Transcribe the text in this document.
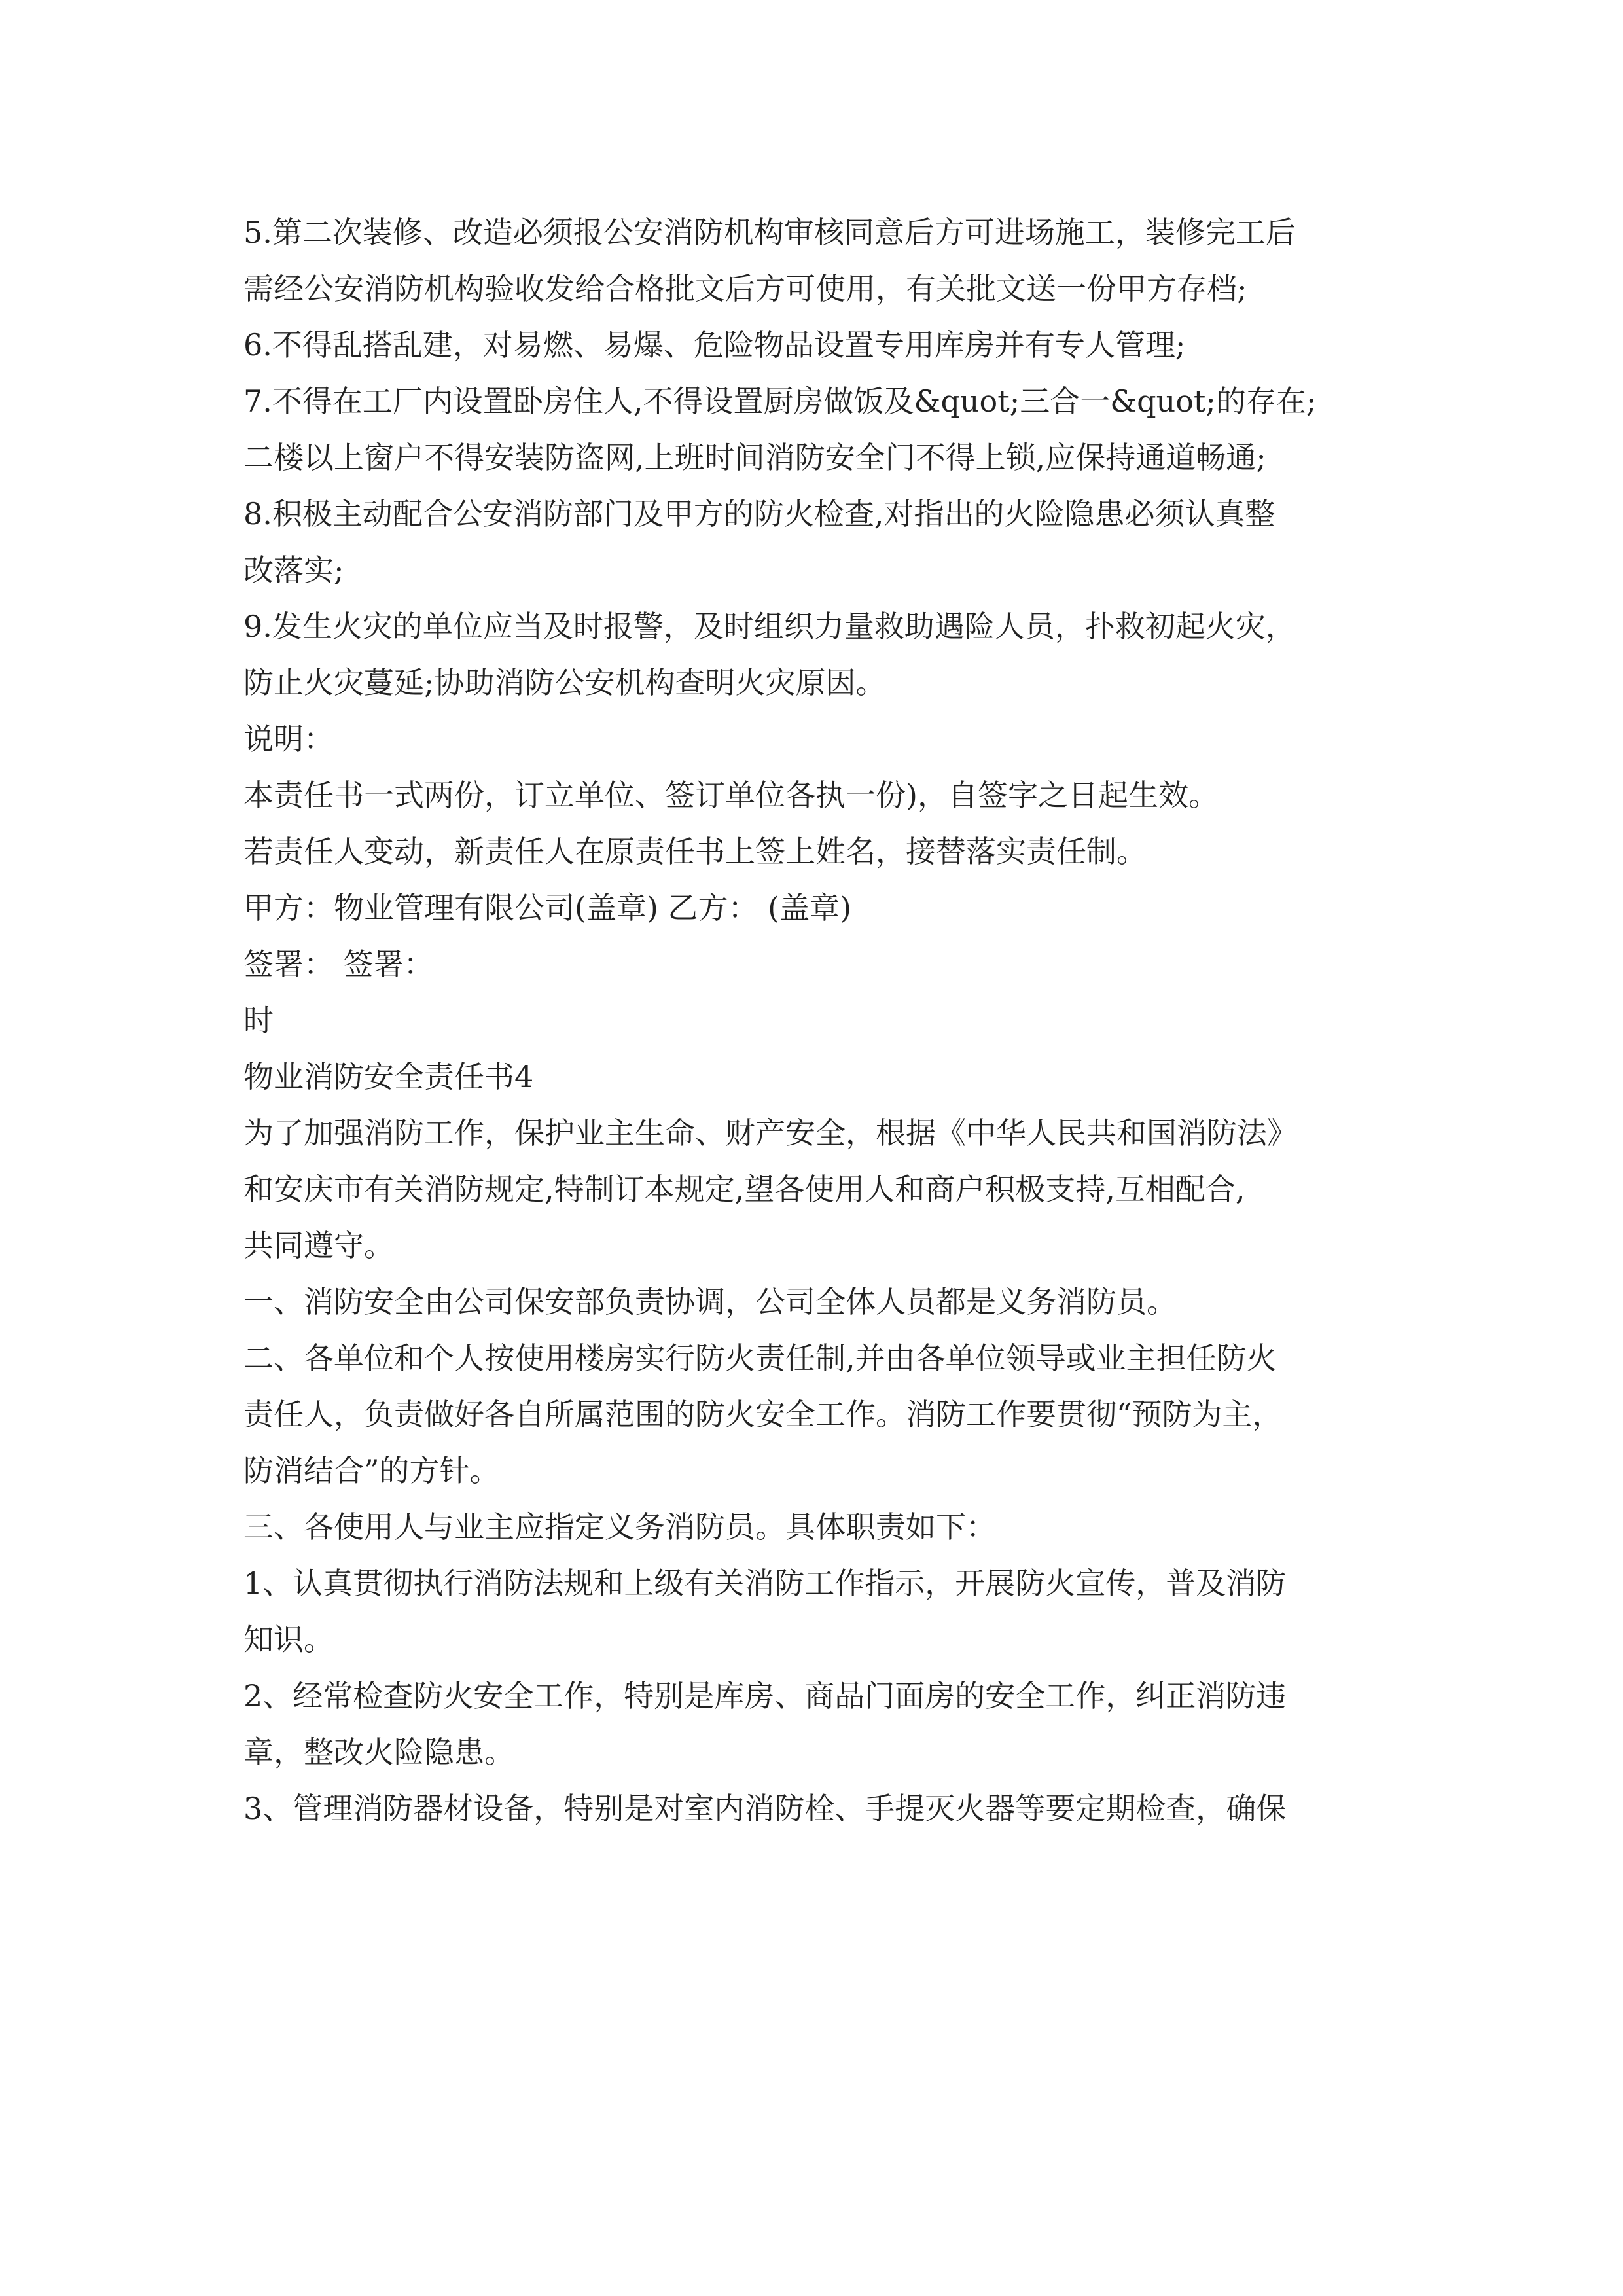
5.第二次装修、改造必须报公安消防机构审核同意后方可进场施工，装修完工后
需经公安消防机构验收发给合格批文后方可使用，有关批文送一份甲方存档;
6.不得乱搭乱建，对易燃、易爆、危险物品设置专用库房并有专人管理;
7.不得在工厂内设置卧房住人,不得设置厨房做饭及&quot;三合一&quot;的存在;
二楼以上窗户不得安装防盗网,上班时间消防安全门不得上锁,应保持通道畅通;
8.积极主动配合公安消防部门及甲方的防火检查,对指出的火险隐患必须认真整
改落实;
9.发生火灾的单位应当及时报警，及时组织力量救助遇险人员，扑救初起火灾，
防止火灾蔓延;协助消防公安机构查明火灾原因。
说明：
本责任书一式两份，订立单位、签订单位各执一份)，自签字之日起生效。
若责任人变动，新责任人在原责任书上签上姓名，接替落实责任制。
甲方：物业管理有限公司(盖章) 乙方： (盖章)
签署： 签署：
时
物业消防安全责任书4
为了加强消防工作，保护业主生命、财产安全，根据《中华人民共和国消防法》
和安庆市有关消防规定,特制订本规定,望各使用人和商户积极支持,互相配合,
共同遵守。
一、消防安全由公司保安部负责协调，公司全体人员都是义务消防员。
二、各单位和个人按使用楼房实行防火责任制,并由各单位领导或业主担任防火
责任人，负责做好各自所属范围的防火安全工作。消防工作要贯彻“预防为主，
防消结合”的方针。
三、各使用人与业主应指定义务消防员。具体职责如下：
1、认真贯彻执行消防法规和上级有关消防工作指示，开展防火宣传，普及消防
知识。
2、经常检查防火安全工作，特别是库房、商品门面房的安全工作，纠正消防违
章，整改火险隐患。
3、管理消防器材设备，特别是对室内消防栓、手提灭火器等要定期检查，确保
